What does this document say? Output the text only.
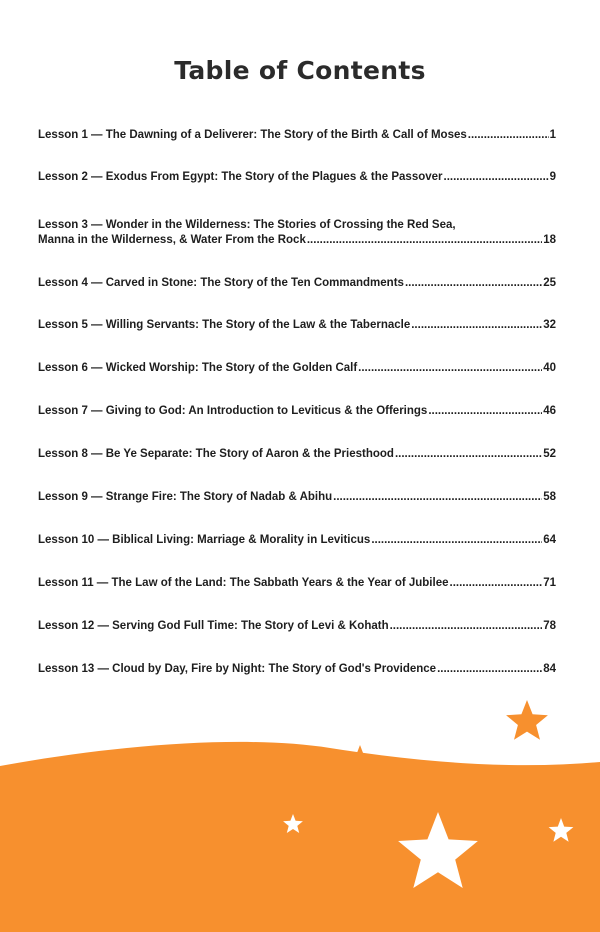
Table of Contents
Lesson 1 — The Dawning of a Deliverer: The Story of the Birth & Call of Moses .....	1
Lesson 2 — Exodus From Egypt: The Story of the Plagues & the Passover .....	9
Lesson 3 — Wonder in the Wilderness: The Stories of Crossing the Red Sea,
Manna in the Wilderness, & Water From the Rock .....	18
Lesson 4 — Carved in Stone: The Story of the Ten Commandments .....	25
Lesson 5 — Willing Servants: The Story of the Law & the Tabernacle .....	32
Lesson 6 — Wicked Worship: The Story of the Golden Calf .....	40
Lesson 7 — Giving to God: An Introduction to Leviticus & the Offerings .....	46
Lesson 8 — Be Ye Separate: The Story of Aaron & the Priesthood .....	52
Lesson 9 — Strange Fire: The Story of Nadab & Abihu .....	58
Lesson 10 — Biblical Living: Marriage & Morality in Leviticus .....	64
Lesson 11 — The Law of the Land: The Sabbath Years & the Year of Jubilee .....	71
Lesson 12 — Serving God Full Time: The Story of Levi & Kohath .....	78
Lesson 13 — Cloud by Day, Fire by Night: The Story of God's Providence .....	84
